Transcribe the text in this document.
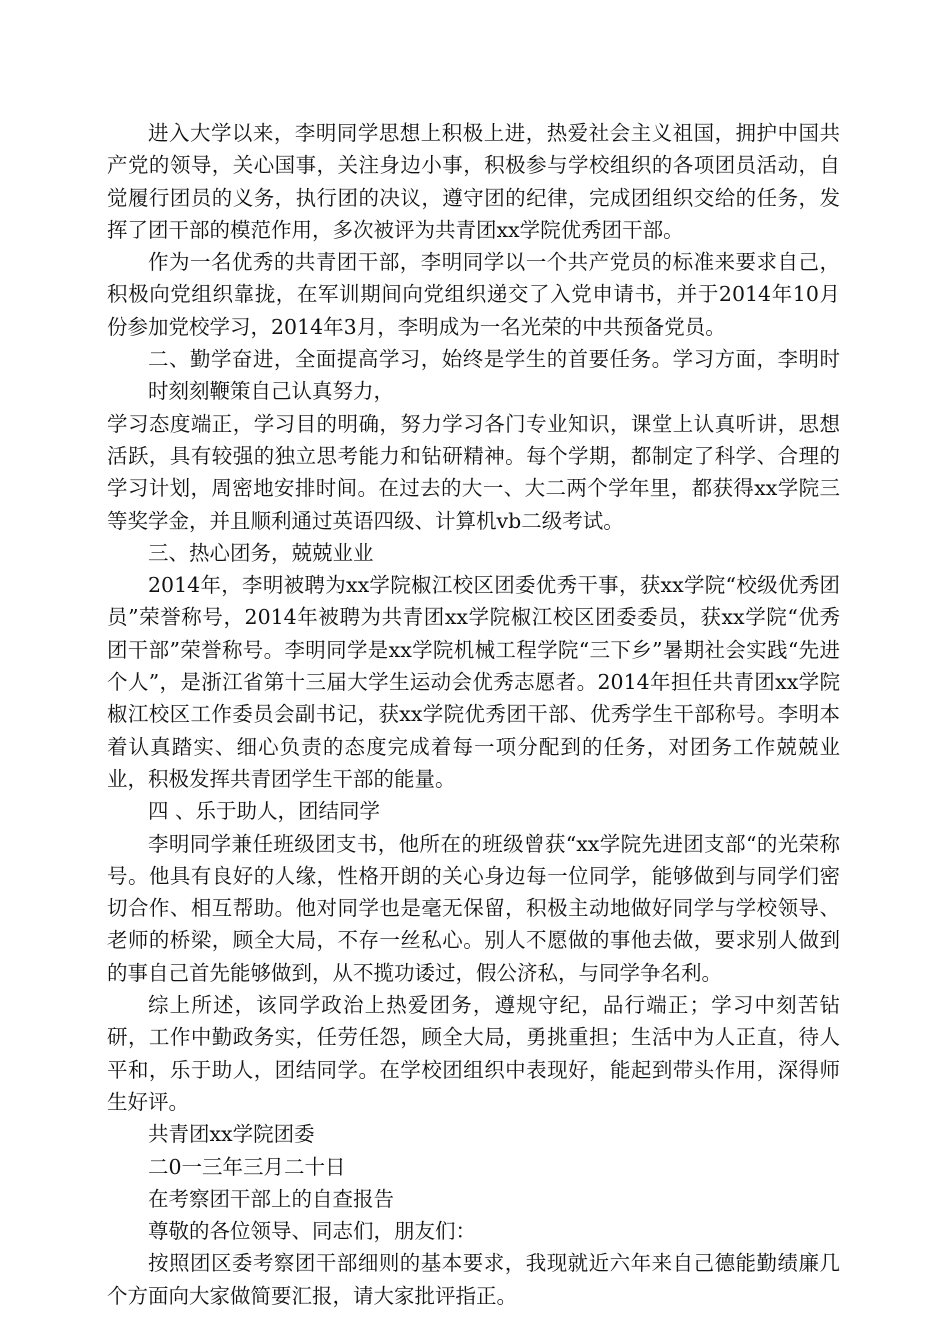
进入大学以来，李明同学思想上积极上进，热爱社会主义祖国，拥护中国共产党的领导，关心国事，关注身边小事，积极参与学校组织的各项团员活动，自觉履行团员的义务，执行团的决议，遵守团的纪律，完成团组织交给的任务，发挥了团干部的模范作用，多次被评为共青团xx学院优秀团干部。

作为一名优秀的共青团干部，李明同学以一个共产党员的标准来要求自己，积极向党组织靠拢，在军训期间向党组织递交了入党申请书，并于2014年10月份参加党校学习，2014年3月，李明成为一名光荣的中共预备党员。

二、勤学奋进，全面提高学习，始终是学生的首要任务。学习方面，李明时时刻刻鞭策自己认真努力，

学习态度端正，学习目的明确，努力学习各门专业知识，课堂上认真听讲，思想活跃，具有较强的独立思考能力和钻研精神。每个学期，都制定了科学、合理的学习计划，周密地安排时间。在过去的大一、大二两个学年里，都获得xx学院三等奖学金，并且顺利通过英语四级、计算机vb二级考试。

三、热心团务，兢兢业业

2014年，李明被聘为xx学院椒江校区团委优秀干事，获xx学院“校级优秀团员”荣誉称号，2014年被聘为共青团xx学院椒江校区团委委员，获xx学院“优秀团干部”荣誉称号。李明同学是xx学院机械工程学院“三下乡”暑期社会实践“先进个人”，是浙江省第十三届大学生运动会优秀志愿者。2014年担任共青团xx学院椒江校区工作委员会副书记，获xx学院优秀团干部、优秀学生干部称号。李明本着认真踏实、细心负责的态度完成着每一项分配到的任务，对团务工作兢兢业业，积极发挥共青团学生干部的能量。

四 、乐于助人，团结同学

李明同学兼任班级团支书，他所在的班级曾获“xx学院先进团支部“的光荣称号。他具有良好的人缘，性格开朗的关心身边每一位同学，能够做到与同学们密切合作、相互帮助。他对同学也是毫无保留，积极主动地做好同学与学校领导、老师的桥梁，顾全大局，不存一丝私心。别人不愿做的事他去做，要求别人做到的事自己首先能够做到，从不揽功诿过，假公济私，与同学争名利。

综上所述，该同学政治上热爱团务，遵规守纪，品行端正；学习中刻苦钻研，工作中勤政务实，任劳任怨，顾全大局，勇挑重担；生活中为人正直，待人平和，乐于助人，团结同学。在学校团组织中表现好，能起到带头作用，深得师生好评。

共青团xx学院团委

二0一三年三月二十日

在考察团干部上的自查报告

尊敬的各位领导、同志们，朋友们：

按照团区委考察团干部细则的基本要求，我现就近六年来自己德能勤绩廉几个方面向大家做简要汇报，请大家批评指正。
